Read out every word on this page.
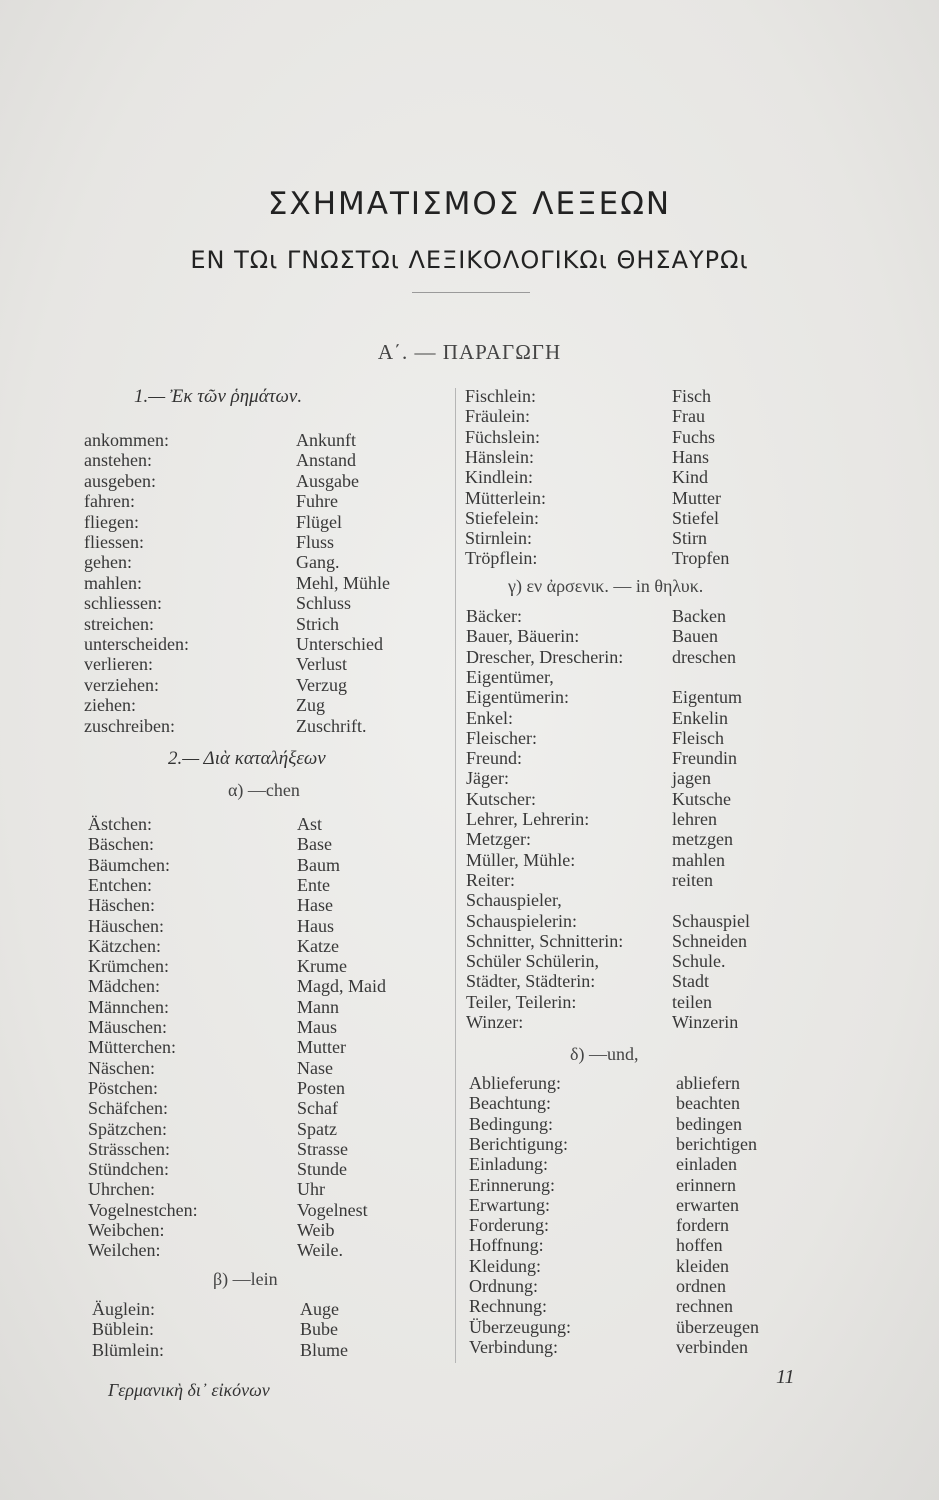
ΣΧΗΜΑΤΙΣΜΟΣ ΛΕΞΕΩΝ
ΕΝ ΤΩι ΓΝΩΣΤΩι ΛΕΞΙΚΟΛΟΓΙΚΩι ΘΗΣΑΥΡΩι
Α΄. — ΠΑΡΑΓΩΓΗ
1.— Ἐκ τῶν ῥημάτων.
ankommen:	Ankunft
anstehen:	Anstand
ausgeben:	Ausgabe
fahren:	Fuhre
fliegen:	Flügel
fliessen:	Fluss
gehen:	Gang.
mahlen:	Mehl, Mühle
schliessen:	Schluss
streichen:	Strich
unterscheiden:	Unterschied
verlieren:	Verlust
verziehen:	Verzug
ziehen:	Zug
zuschreiben:	Zuschrift.
2.— Διὰ καταλήξεων
α) —chen
Ästchen:	Ast
Bäschen:	Base
Bäumchen:	Baum
Entchen:	Ente
Häschen:	Hase
Häuschen:	Haus
Kätzchen:	Katze
Krümchen:	Krume
Mädchen:	Magd, Maid
Männchen:	Mann
Mäuschen:	Maus
Mütterchen:	Mutter
Näschen:	Nase
Pöstchen:	Posten
Schäfchen:	Schaf
Spätzchen:	Spatz
Strässchen:	Strasse
Stündchen:	Stunde
Uhrchen:	Uhr
Vogelnestchen:	Vogelnest
Weibchen:	Weib
Weilchen:	Weile.
β) —lein
Äuglein:	Auge
Büblein:	Bube
Blümlein:	Blume
Fischlein:	Fisch
Fräulein:	Frau
Füchslein:	Fuchs
Hänslein:	Hans
Kindlein:	Kind
Mütterlein:	Mutter
Stiefelein:	Stiefel
Stirnlein:	Stirn
Tröpflein:	Tropfen
γ) εν ἀρσενικ. — in θηλυκ.
Bäcker:	Backen
Bauer, Bäuerin:	Bauen
Drescher, Drescherin:	dreschen
Eigentümer,
Eigentümerin:	Eigentum
Enkel:	Enkelin
Fleischer:	Fleisch
Freund:	Freundin
Jäger:	jagen
Kutscher:	Kutsche
Lehrer, Lehrerin:	lehren
Metzger:	metzgen
Müller, Mühle:	mahlen
Reiter:	reiten
Schauspieler,
Schauspielerin:	Schauspiel
Schnitter, Schnitterin:	Schneiden
Schüler Schülerin,	Schule.
Städter, Städterin:	Stadt
Teiler, Teilerin:	teilen
Winzer:	Winzerin
δ) —und,
Ablieferung:	abliefern
Beachtung:	beachten
Bedingung:	bedingen
Berichtigung:	berichtigen
Einladung:	einladen
Erinnerung:	erinnern
Erwartung:	erwarten
Forderung:	fordern
Hoffnung:	hoffen
Kleidung:	kleiden
Ordnung:	ordnen
Rechnung:	rechnen
Überzeugung:	überzeugen
Verbindung:	verbinden
Γερμανικὴ δι᾽ εἰκόνων
11
